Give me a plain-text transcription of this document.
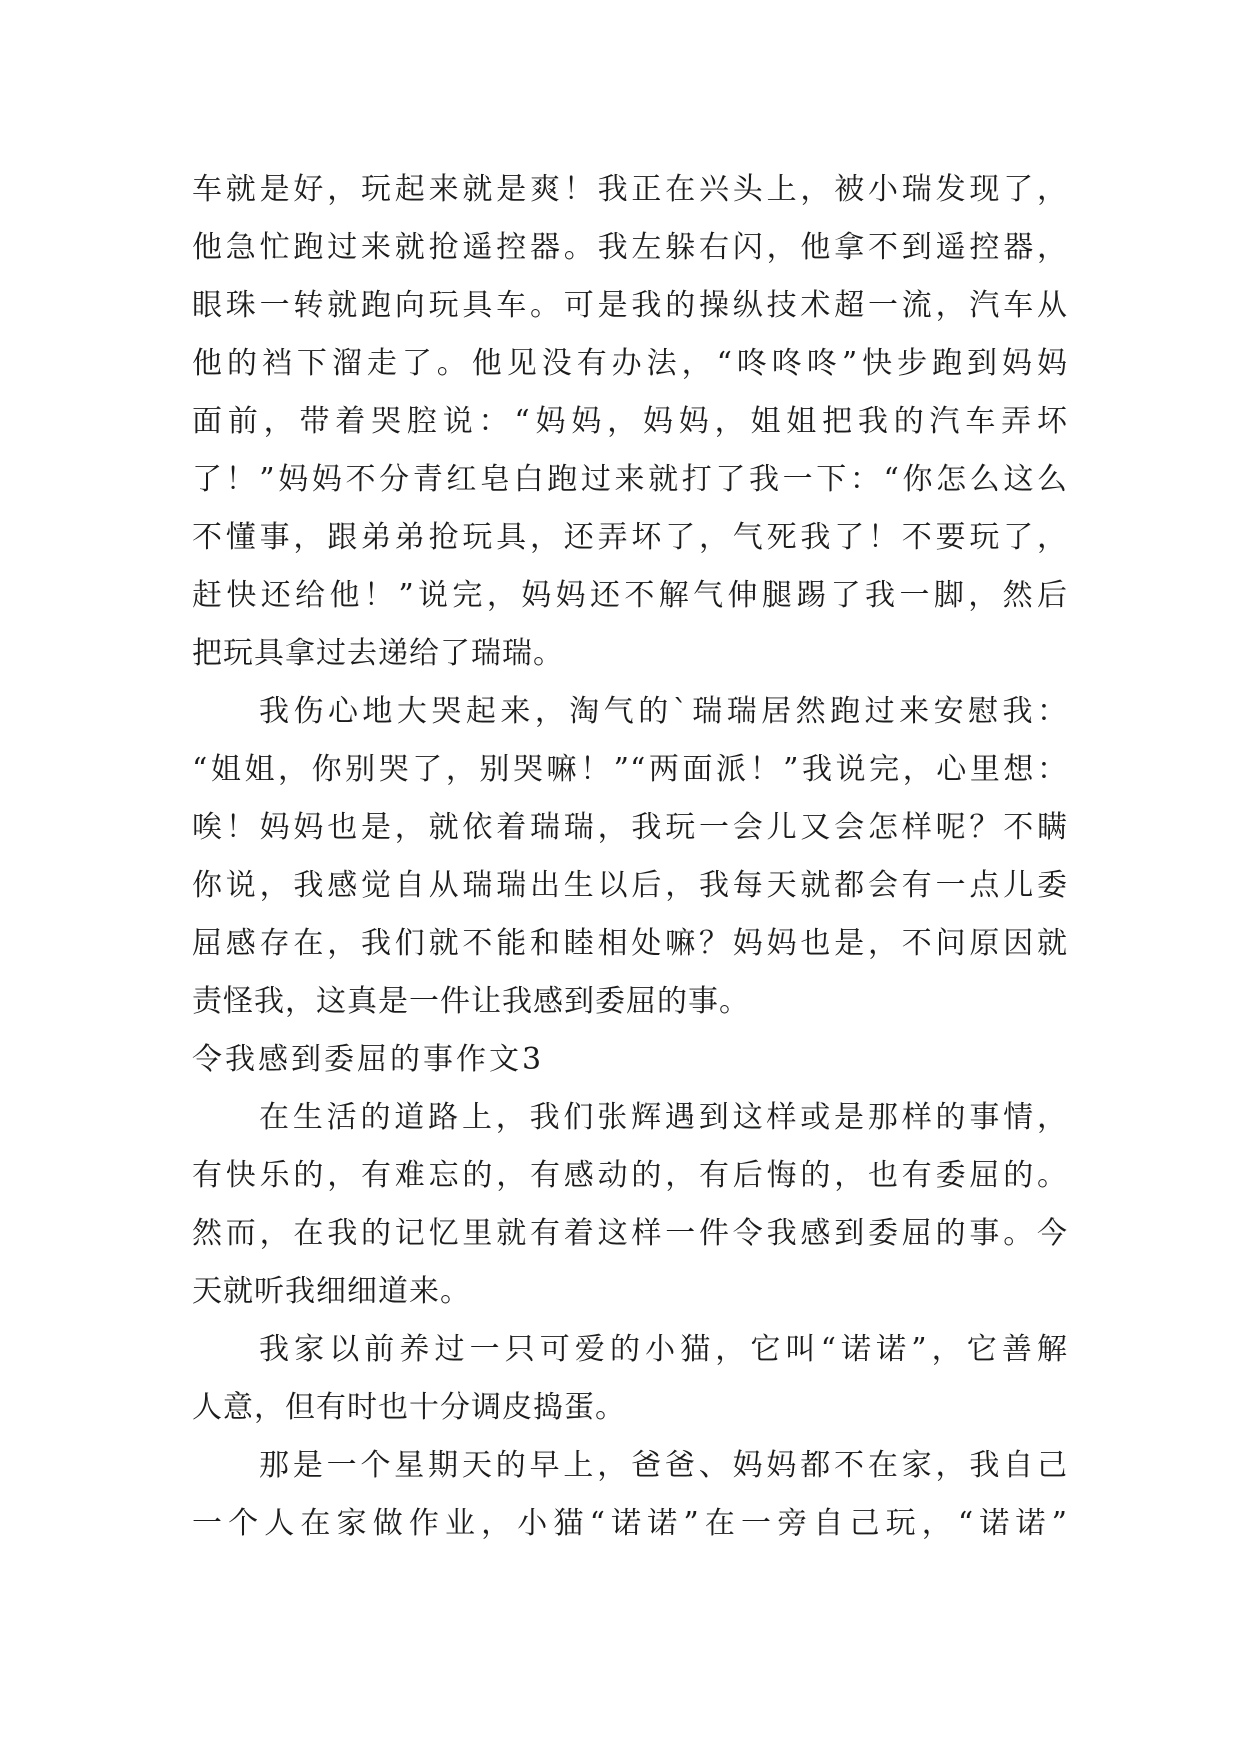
车就是好，玩起来就是爽！我正在兴头上，被小瑞发现了，
他急忙跑过来就抢遥控器。我左躲右闪，他拿不到遥控器，
眼珠一转就跑向玩具车。可是我的操纵技术超一流，汽车从
他的裆下溜走了。他见没有办法，“咚咚咚”快步跑到妈妈
面前，带着哭腔说：“妈妈，妈妈，姐姐把我的汽车弄坏
了！”妈妈不分青红皂白跑过来就打了我一下：“你怎么这么
不懂事，跟弟弟抢玩具，还弄坏了，气死我了！不要玩了，
赶快还给他！”说完，妈妈还不解气伸腿踢了我一脚，然后
把玩具拿过去递给了瑞瑞。
我伤心地大哭起来，淘气的`瑞瑞居然跑过来安慰我：
“姐姐，你别哭了，别哭嘛！”“两面派！”我说完，心里想：
唉！妈妈也是，就依着瑞瑞，我玩一会儿又会怎样呢？不瞒
你说，我感觉自从瑞瑞出生以后，我每天就都会有一点儿委
屈感存在，我们就不能和睦相处嘛？妈妈也是，不问原因就
责怪我，这真是一件让我感到委屈的事。
令我感到委屈的事作文3
在生活的道路上，我们张辉遇到这样或是那样的事情，
有快乐的，有难忘的，有感动的，有后悔的，也有委屈的。
然而，在我的记忆里就有着这样一件令我感到委屈的事。今
天就听我细细道来。
我家以前养过一只可爱的小猫，它叫“诺诺”，它善解
人意，但有时也十分调皮捣蛋。
那是一个星期天的早上，爸爸、妈妈都不在家，我自己
一个人在家做作业，小猫“诺诺”在一旁自己玩，“诺诺”
